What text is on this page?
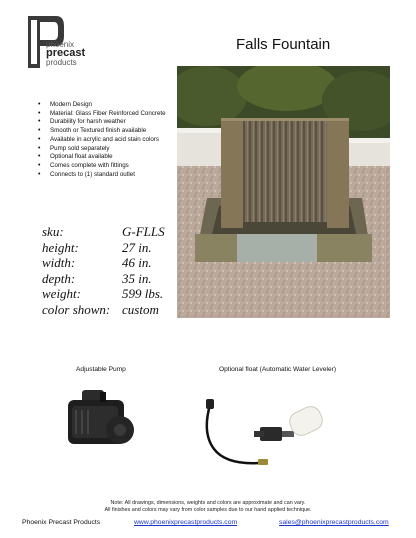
phoenix
precast
products
Falls Fountain
• Modern Design
• Material: Glass Fiber Reinforced Concrete
• Durability for harsh weather
• Smooth or Textured finish available
• Available in acrylic and acid stain colors
• Pump sold separately
• Optional float available
• Comes complete with fittings
• Connects to (1) standard outlet
sku:	G-FLLS
height:	27 in.
width:	46 in.
depth:	35 in.
weight:	599 lbs.
color shown: custom
Adjustable Pump	Optional float (Automatic Water Leveler)
Note: All drawings, dimensions, weights and colors are approximate and can vary.
All finishes and colors may vary from color samples due to our hand applied technique.
Phoenix Precast Products	www.phoenixprecastproducts.com	sales@phoenixprecastproducts.com
